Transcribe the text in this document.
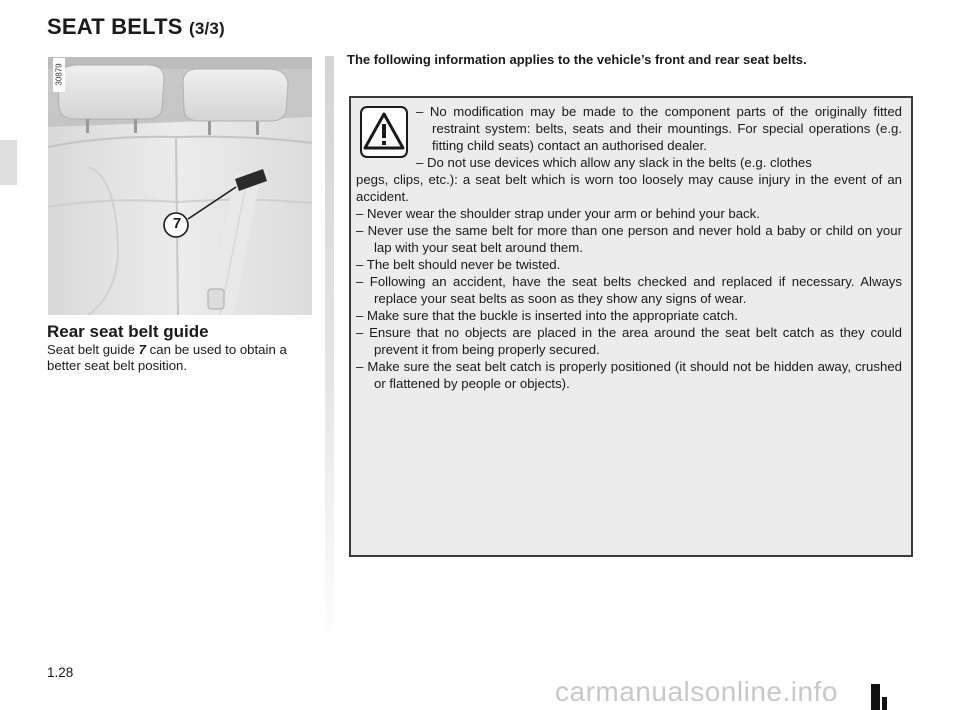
SEAT BELTS (3/3)
7
30879
Rear seat belt guide
Seat belt guide 7 can be used to obtain a better seat belt position.
The following information applies to the vehicle’s front and rear seat belts.
– No modification may be made to the component parts of the originally fitted restraint system: belts, seats and their mountings. For special operations (e.g. fitting child seats) contact an authorised dealer.
– Do not use devices which allow any slack in the belts (e.g. clothes
pegs, clips, etc.): a seat belt which is worn too loosely may cause injury in the event of an accident.
– Never wear the shoulder strap under your arm or behind your back.
– Never use the same belt for more than one person and never hold a baby or child on your lap with your seat belt around them.
– The belt should never be twisted.
– Following an accident, have the seat belts checked and replaced if necessary. Always replace your seat belts as soon as they show any signs of wear.
– Make sure that the buckle is inserted into the appropriate catch.
– Ensure that no objects are placed in the area around the seat belt catch as they could prevent it from being properly secured.
– Make sure the seat belt catch is properly positioned (it should not be hidden away, crushed or flattened by people or objects).
1.28
carmanualsonline.info
